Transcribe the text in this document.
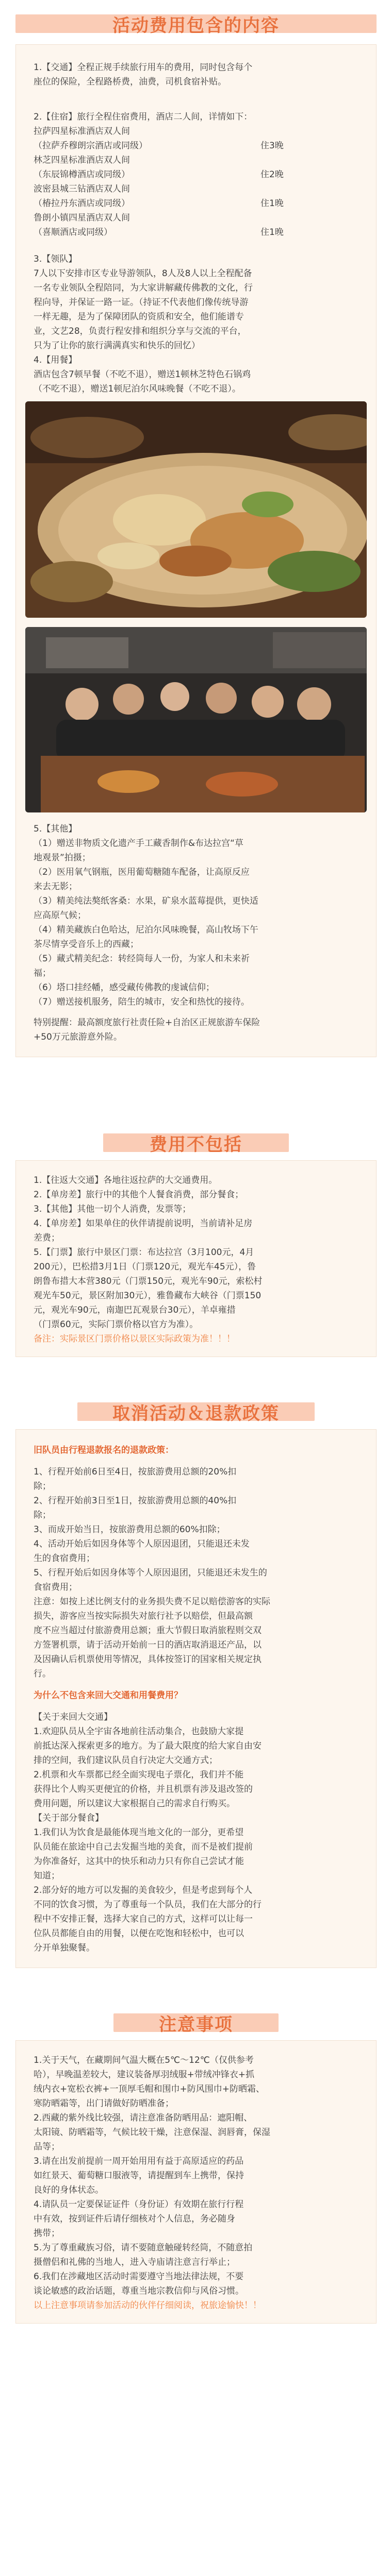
活动费用包含的内容

1.【交通】全程正规手续旅行用车的费用，同时包含每个

座位的保险，全程路桥费，油费，司机食宿补贴。

2.【住宿】旅行全程住宿费用，酒店二人间，详情如下：

拉萨四星标准酒店双人间

（拉萨乔穆朗宗酒店或同级）	住3晚
林芝四星标准酒店双人间
（东辰锦樽酒店或同级）	住2晚
波密县城三钻酒店双人间
（椿拉丹东酒店或同级）	住1晚
鲁朗小镇四星酒店双人间
（喜顺酒店或同级）	住1晚

3.【领队】

7人以下安排市区专业导游领队，8人及8人以上全程配备

一名专业领队全程陪同，为大家讲解藏传佛教的文化，行

程向导，并保证一路一证。（持证不代表他们像传统导游

一样无趣，是为了保障团队的资质和安全，他们能谱专

业，文艺28，负责行程安排和组织分享与交流的平台，

只为了让你的旅行满满真实和快乐的回忆）

4.【用餐】

酒店包含7顿早餐（不吃不退），赠送1顿林芝特色石锅鸡

（不吃不退），赠送1顿尼泊尔风味晚餐（不吃不退）。

5.【其他】

（1）赠送非物质文化遗产手工藏香制作&布达拉宫“草

地观景”拍摄；

（2）医用氧气钢瓶，医用葡萄糖随车配备，让高原反应

来去无影；

（3）精美纯法獒纸客桑：水果，矿泉水蓝莓提供，更快适

应高原气候；

（4）精美藏族白色哈达，尼泊尔风味晚餐，高山牧场下午

茶尽情享受音乐上的西藏；

（5）藏式精美纪念：转经筒每人一份，为家人和未来祈

福；

（6）塔口挂经幡，感受藏传佛教的虔诚信仰；

（7）赠送接机服务，陪生的城市，安全和热忱的接待。

特别提醒：最高额度旅行社责任险+自治区正规旅游车保险

+50万元旅游意外险。

费用不包括

1.【往返大交通】各地往返拉萨的大交通费用。

2.【单房差】旅行中的其他个人餐食消费，部分餐食；

3.【其他】其他一切个人消费，发票等；

4.【单房差】如果单住的伙伴请提前说明，当前请补足房

差费；

5.【门票】旅行中景区门票：布达拉宫（3月100元，4月

200元），巴松措3月1日（门票120元，观光车45元），鲁

朗鲁布措大本营380元（门票150元，观光车90元，索松村

观光车50元，景区附加30元），雅鲁藏布大峡谷（门票150

元，观光车90元，南迦巴瓦观景台30元），羊卓雍措

（门票60元，实际门票价格以官方为准）。

备注：实际景区门票价格以景区实际政策为准！！！

取消活动＆退款政策

旧队员由行程退款报名的退款政策：

1、行程开始前6日至4日，按旅游费用总额的20%扣

除；

2、行程开始前3日至1日，按旅游费用总额的40%扣

除；

3、而成开始当日，按旅游费用总额的60%扣除；

4、活动开始后如因身体等个人原因退团，只能退还未发

生的食宿费用；

5、行程开始后如因身体等个人原因退团，只能退还未发生的

食宿费用；

注意：如按上述比例支付的业务损失费不足以赔偿游客的实际

损失，游客应当按实际损失对旅行社予以赔偿，但最高额

度不应当超过付旅游费用总额；重大节假日取消旅程则交双

方签署机票，请于活动开始前一日的酒店取消退还产品，以

及因确认后机票使用等情况，具体按签订的国家相关规定执

行。

为什么不包含来回大交通和用餐费用？

【关于来回大交通】

1.欢迎队员从全宇宙各地前往活动集合，也鼓励大家提

前抵达深入探索更多的地方。为了最大限度的给大家自由安

排的空间，我们建议队员自行决定大交通方式；

2.机票和火车票都已经全面实现电子票化，我们并不能

获得比个人购买更便宜的价格，并且机票有涉及退改签的

费用问题，所以建议大家根据自己的需求自行购买。

【关于部分餐食】

1.我们认为饮食是最能体现当地文化的一部分，更希望

队员能在旅途中自己去发掘当地的美食，而不是被们提前

为你准备好，这其中的快乐和动力只有你自己尝试才能

知道；

2.部分好的地方可以发掘的美食较少，但是考虑到每个人

不同的饮食习惯，为了尊重每一个队员，我们在大部分的行

程中不安排正餐，选择大家自己的方式，这样可以让每一

位队员都能自由的用餐，以便在吃饱和轻松中，也可以

分开单独聚餐。

注意事项

1.关于天气，在藏期间气温大概在5℃～12℃（仅供参考

哈），早晚温差较大，建议装备厚羽绒服+带绒冲锋衣+抓

绒内衣+宽松衣裤+一顶厚毛帽和围巾+防风围巾+防晒霜、

寒防晒霜等，出门请做好防晒准备；

2.西藏的紫外线比较强，请注意准备防晒用品：遮阳帽、

太阳镜、防晒霜等，气候比较干燥，注意保湿、润唇膏，保湿

品等；

3.请在出发前提前一周开始用用有益于高原适应的药品

如红景天、葡萄糖口服液等，请提醒到车上携带，保持

良好的身体状态。

4.请队员一定要保证证件（身份证）有效期在旅行行程

中有效，按到证件后请仔细核对个人信息，务必随身

携带；

5.为了尊重藏族习俗，请不要随意触碰转经筒，不随意拍

摄僧侣和礼佛的当地人，进入寺庙请注意言行举止；

6.我们在涉藏地区活动时需要遵守当地法律法规，不要

谈论敏感的政治话题，尊重当地宗教信仰与风俗习惯。

以上注意事项请参加活动的伙伴仔细阅读，祝旅途愉快！！
